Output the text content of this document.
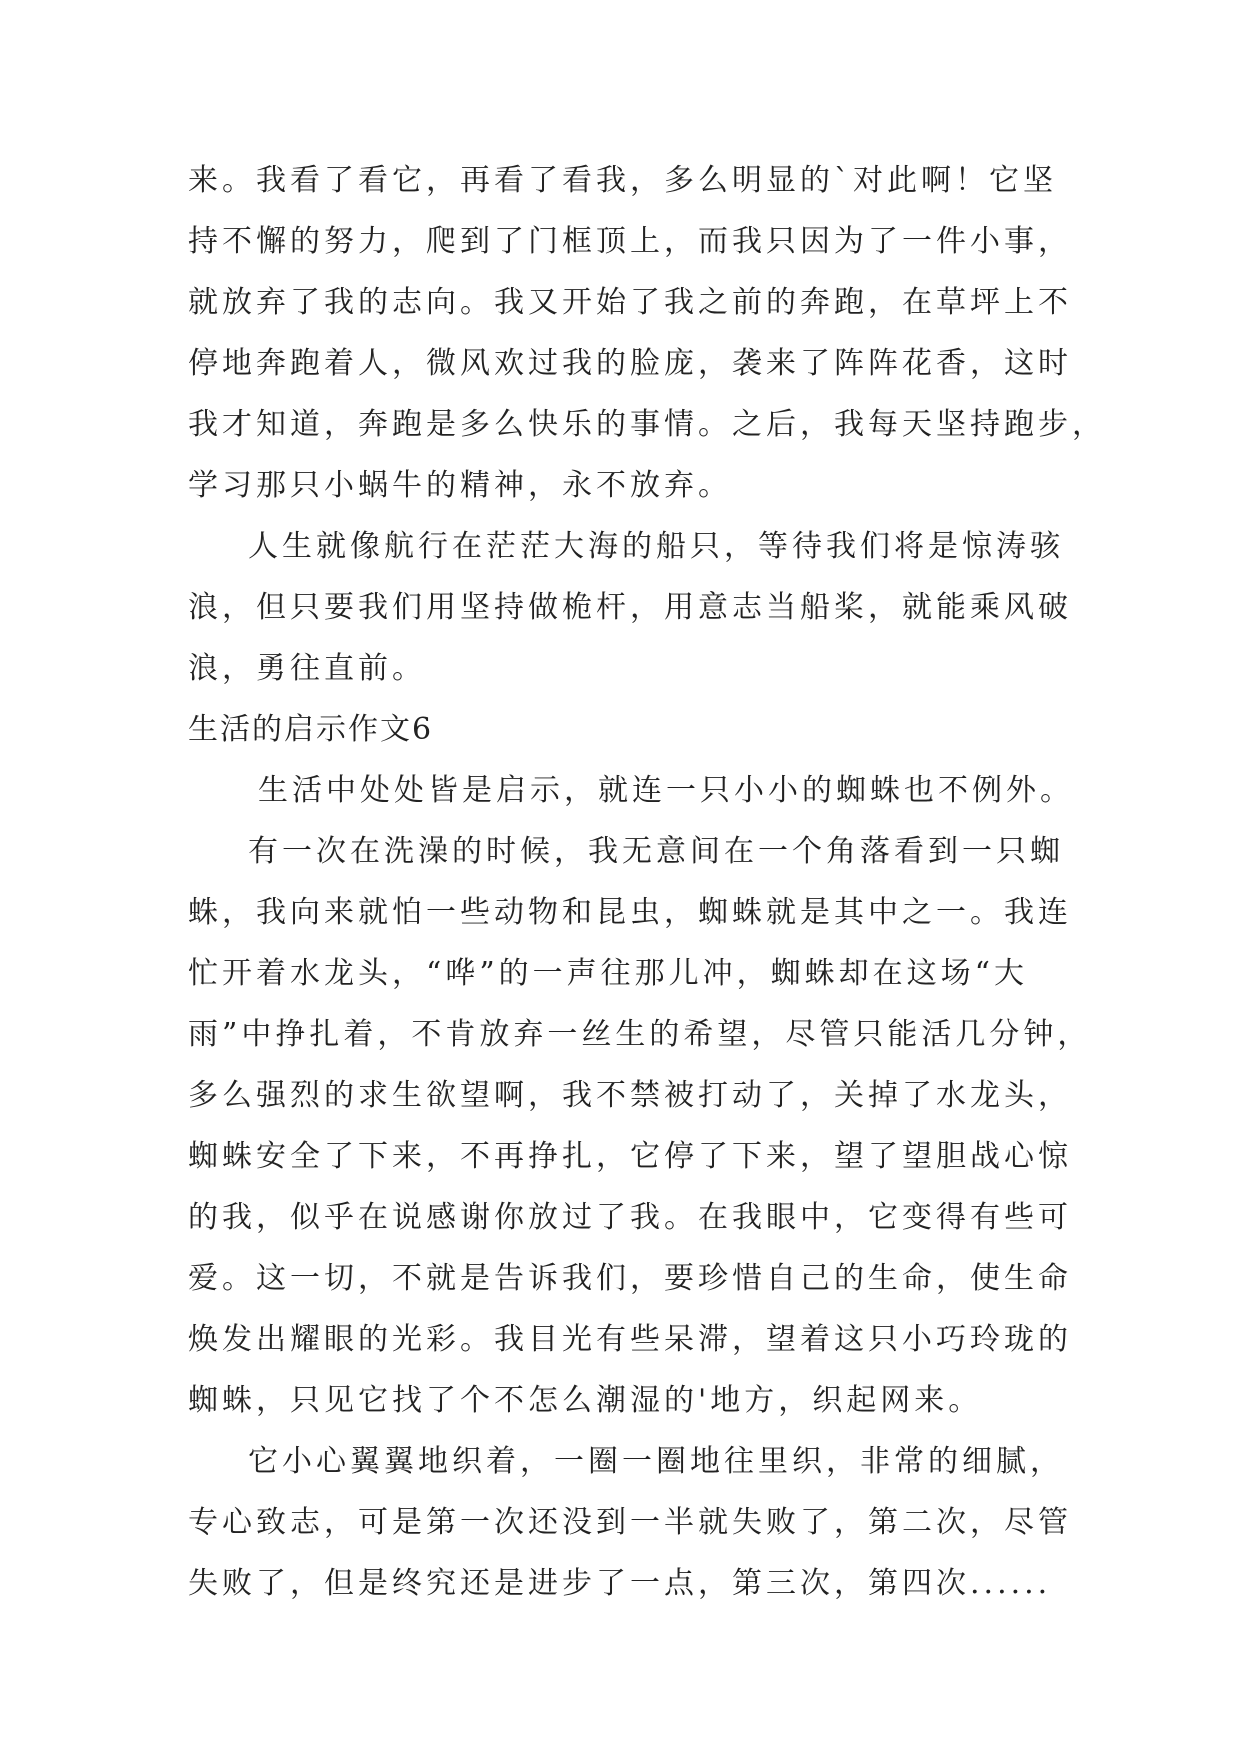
来。我看了看它，再看了看我，多么明显的`对此啊！它坚
持不懈的努力，爬到了门框顶上，而我只因为了一件小事，
就放弃了我的志向。我又开始了我之前的奔跑，在草坪上不
停地奔跑着人，微风欢过我的脸庞，袭来了阵阵花香，这时
我才知道，奔跑是多么快乐的事情。之后，我每天坚持跑步，
学习那只小蜗牛的精神，永不放弃。
人生就像航行在茫茫大海的船只，等待我们将是惊涛骇
浪，但只要我们用坚持做桅杆，用意志当船桨，就能乘风破
浪，勇往直前。
生活的启示作文6
生活中处处皆是启示，就连一只小小的蜘蛛也不例外。
有一次在洗澡的时候，我无意间在一个角落看到一只蜘
蛛，我向来就怕一些动物和昆虫，蜘蛛就是其中之一。我连
忙开着水龙头，“哗”的一声往那儿冲，蜘蛛却在这场“大
雨”中挣扎着，不肯放弃一丝生的希望，尽管只能活几分钟，
多么强烈的求生欲望啊，我不禁被打动了，关掉了水龙头，
蜘蛛安全了下来，不再挣扎，它停了下来，望了望胆战心惊
的我，似乎在说感谢你放过了我。在我眼中，它变得有些可
爱。这一切，不就是告诉我们，要珍惜自己的生命，使生命
焕发出耀眼的光彩。我目光有些呆滞，望着这只小巧玲珑的
蜘蛛，只见它找了个不怎么潮湿的'地方，织起网来。
它小心翼翼地织着，一圈一圈地往里织，非常的细腻，
专心致志，可是第一次还没到一半就失败了，第二次，尽管
失败了，但是终究还是进步了一点，第三次，第四次......
